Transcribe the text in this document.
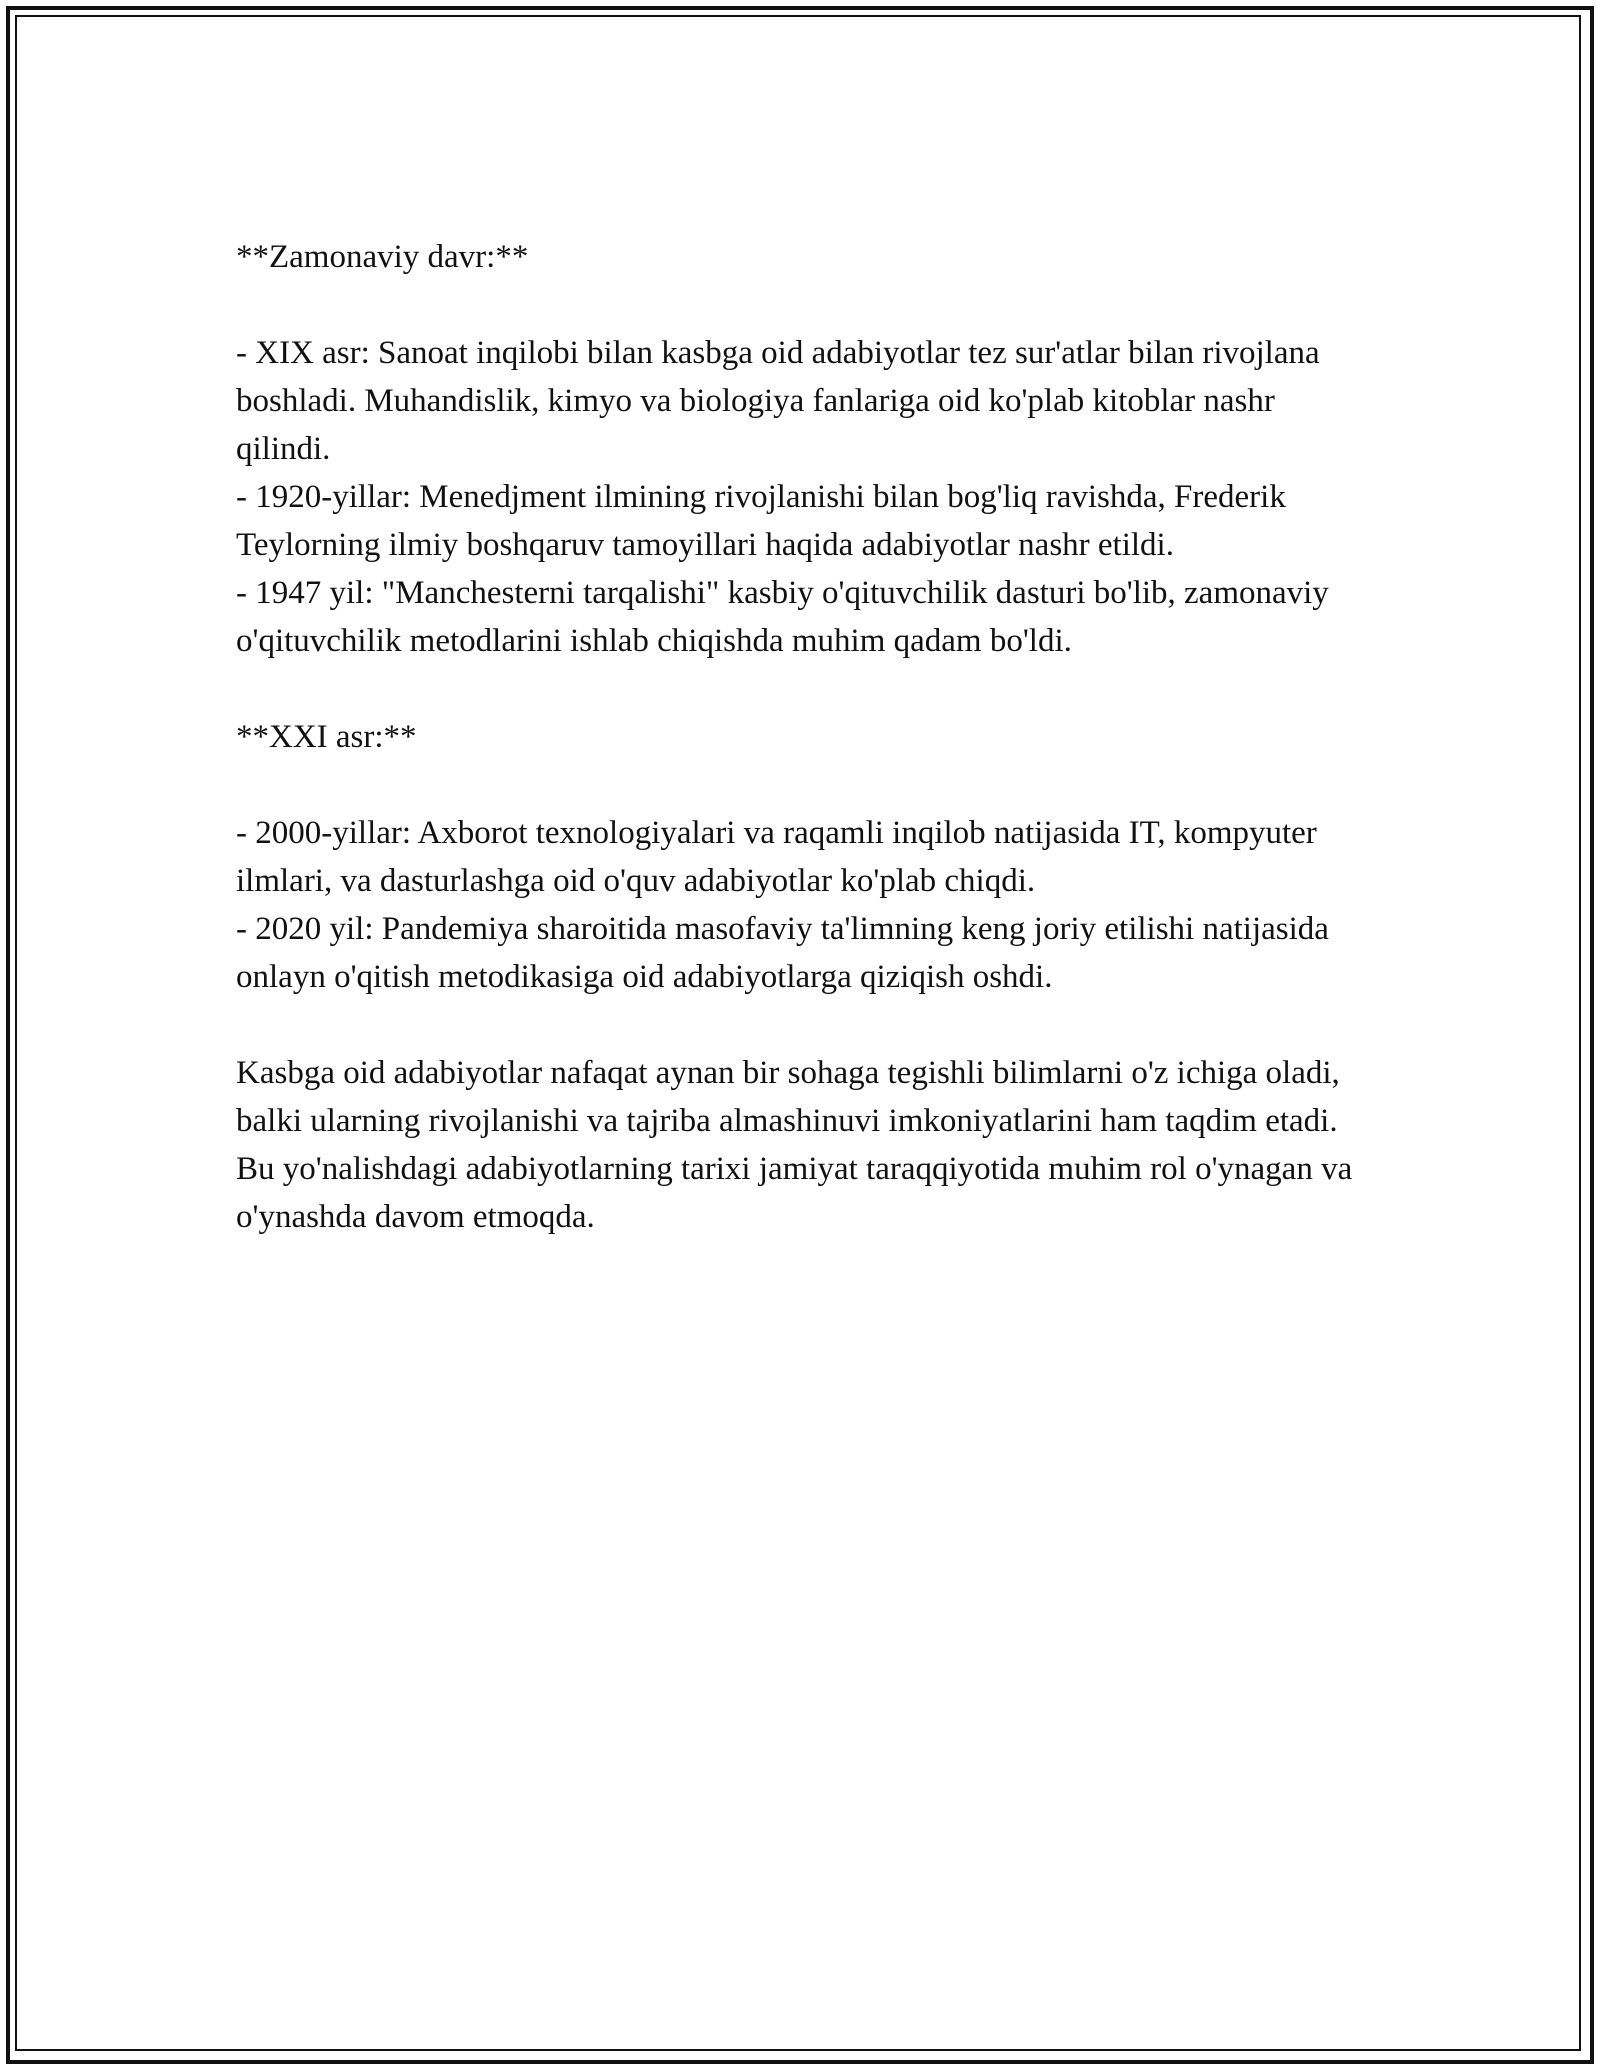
**Zamonaviy davr:**

- XIX asr: Sanoat inqilobi bilan kasbga oid adabiyotlar tez sur'atlar bilan rivojlana boshladi. Muhandislik, kimyo va biologiya fanlariga oid ko'plab kitoblar nashr qilindi.

- 1920-yillar: Menedjment ilmining rivojlanishi bilan bog'liq ravishda, Frederik Teylorning ilmiy boshqaruv tamoyillari haqida adabiyotlar nashr etildi.

- 1947 yil: "Manchesterni tarqalishi" kasbiy o'qituvchilik dasturi bo'lib, zamonaviy o'qituvchilik metodlarini ishlab chiqishda muhim qadam bo'ldi.

**XXI asr:**

- 2000-yillar: Axborot texnologiyalari va raqamli inqilob natijasida IT, kompyuter ilmlari, va dasturlashga oid o'quv adabiyotlar ko'plab chiqdi.

- 2020 yil: Pandemiya sharoitida masofaviy ta'limning keng joriy etilishi natijasida onlayn o'qitish metodikasiga oid adabiyotlarga qiziqish oshdi.

Kasbga oid adabiyotlar nafaqat aynan bir sohaga tegishli bilimlarni o'z ichiga oladi, balki ularning rivojlanishi va tajriba almashinuvi imkoniyatlarini ham taqdim etadi. Bu yo'nalishdagi adabiyotlarning tarixi jamiyat taraqqiyotida muhim rol o'ynagan va o'ynashda davom etmoqda.
